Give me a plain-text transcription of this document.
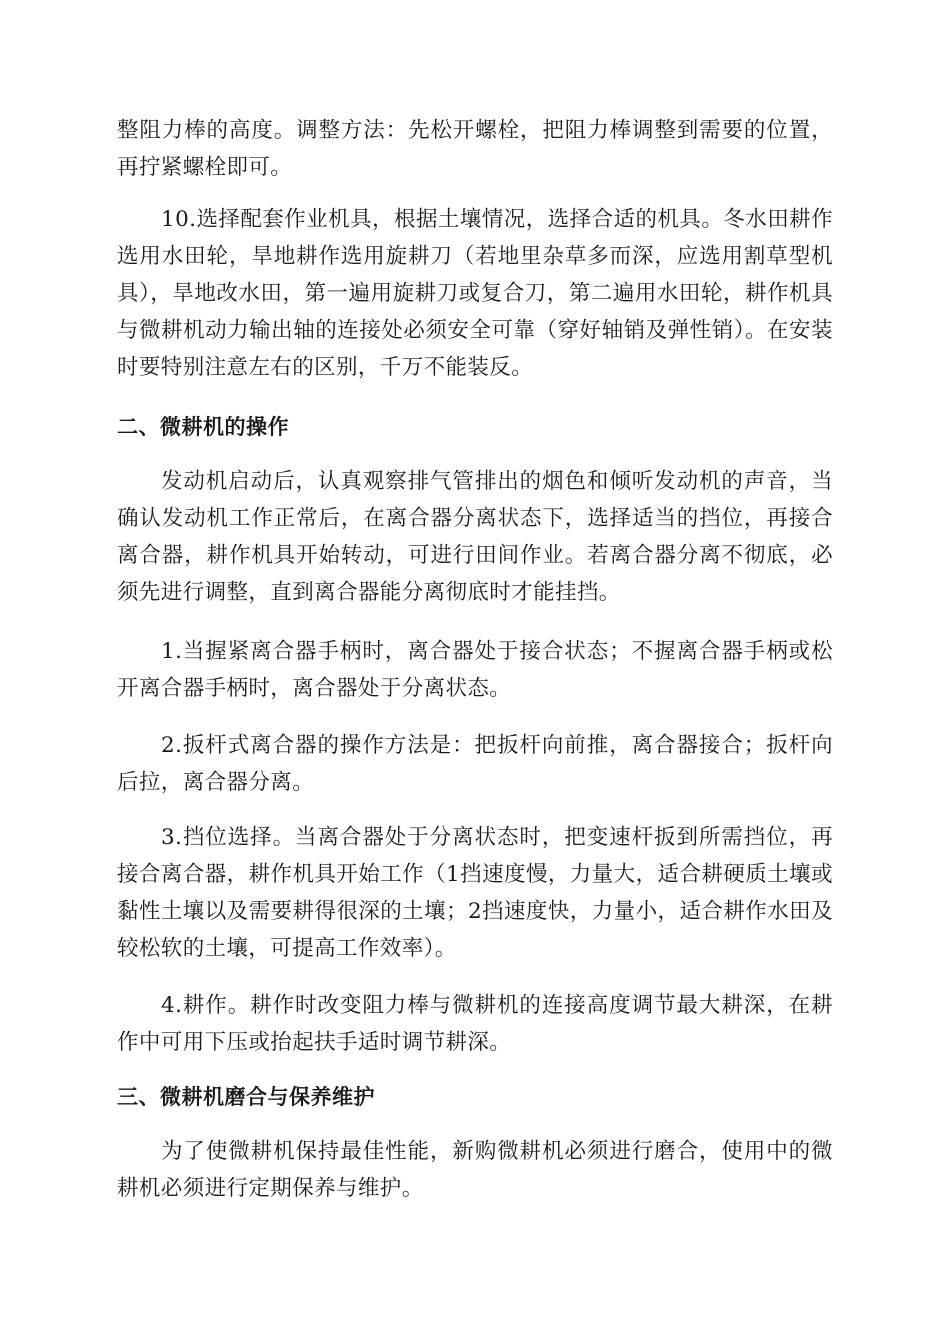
整阻力棒的高度。调整方法：先松开螺栓，把阻力棒调整到需要的位置，再拧紧螺栓即可。

10.选择配套作业机具，根据土壤情况，选择合适的机具。冬水田耕作选用水田轮，旱地耕作选用旋耕刀（若地里杂草多而深，应选用割草型机具），旱地改水田，第一遍用旋耕刀或复合刀，第二遍用水田轮，耕作机具与微耕机动力输出轴的连接处必须安全可靠（穿好轴销及弹性销）。在安装时要特别注意左右的区别，千万不能装反。

二、微耕机的操作

发动机启动后，认真观察排气管排出的烟色和倾听发动机的声音，当确认发动机工作正常后，在离合器分离状态下，选择适当的挡位，再接合离合器，耕作机具开始转动，可进行田间作业。若离合器分离不彻底，必须先进行调整，直到离合器能分离彻底时才能挂挡。

1.当握紧离合器手柄时，离合器处于接合状态；不握离合器手柄或松开离合器手柄时，离合器处于分离状态。

2.扳杆式离合器的操作方法是：把扳杆向前推，离合器接合；扳杆向后拉，离合器分离。

3.挡位选择。当离合器处于分离状态时，把变速杆扳到所需挡位，再接合离合器，耕作机具开始工作（1挡速度慢，力量大，适合耕硬质土壤或黏性土壤以及需要耕得很深的土壤；2挡速度快，力量小，适合耕作水田及较松软的土壤，可提高工作效率）。

4.耕作。耕作时改变阻力棒与微耕机的连接高度调节最大耕深，在耕作中可用下压或抬起扶手适时调节耕深。

三、微耕机磨合与保养维护

为了使微耕机保持最佳性能，新购微耕机必须进行磨合，使用中的微耕机必须进行定期保养与维护。
